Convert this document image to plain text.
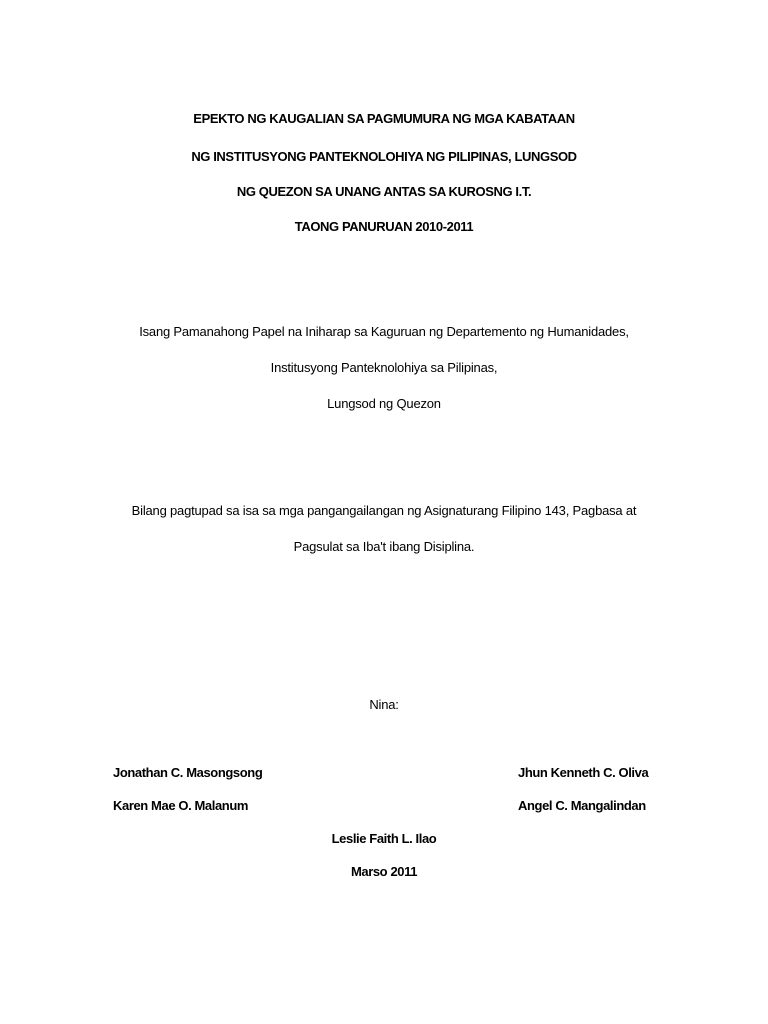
EPEKTO NG KAUGALIAN SA PAGMUMURA NG MGA KABATAAN
NG INSTITUSYONG PANTEKNOLOHIYA NG PILIPINAS, LUNGSOD
NG QUEZON SA UNANG ANTAS SA KUROSNG I.T.
TAONG PANURUAN 2010-2011
Isang Pamanahong Papel na Iniharap sa Kaguruan ng Departemento ng Humanidades,
Institusyong Panteknolohiya sa Pilipinas,
Lungsod ng Quezon
Bilang pagtupad sa isa sa mga pangangailangan ng Asignaturang Filipino 143, Pagbasa at
Pagsulat sa Iba't ibang Disiplina.
Nina:
Jonathan C. Masongsong	Jhun Kenneth C. Oliva
Karen Mae O. Malanum	Angel C. Mangalindan
Leslie Faith L. Ilao
Marso 2011
